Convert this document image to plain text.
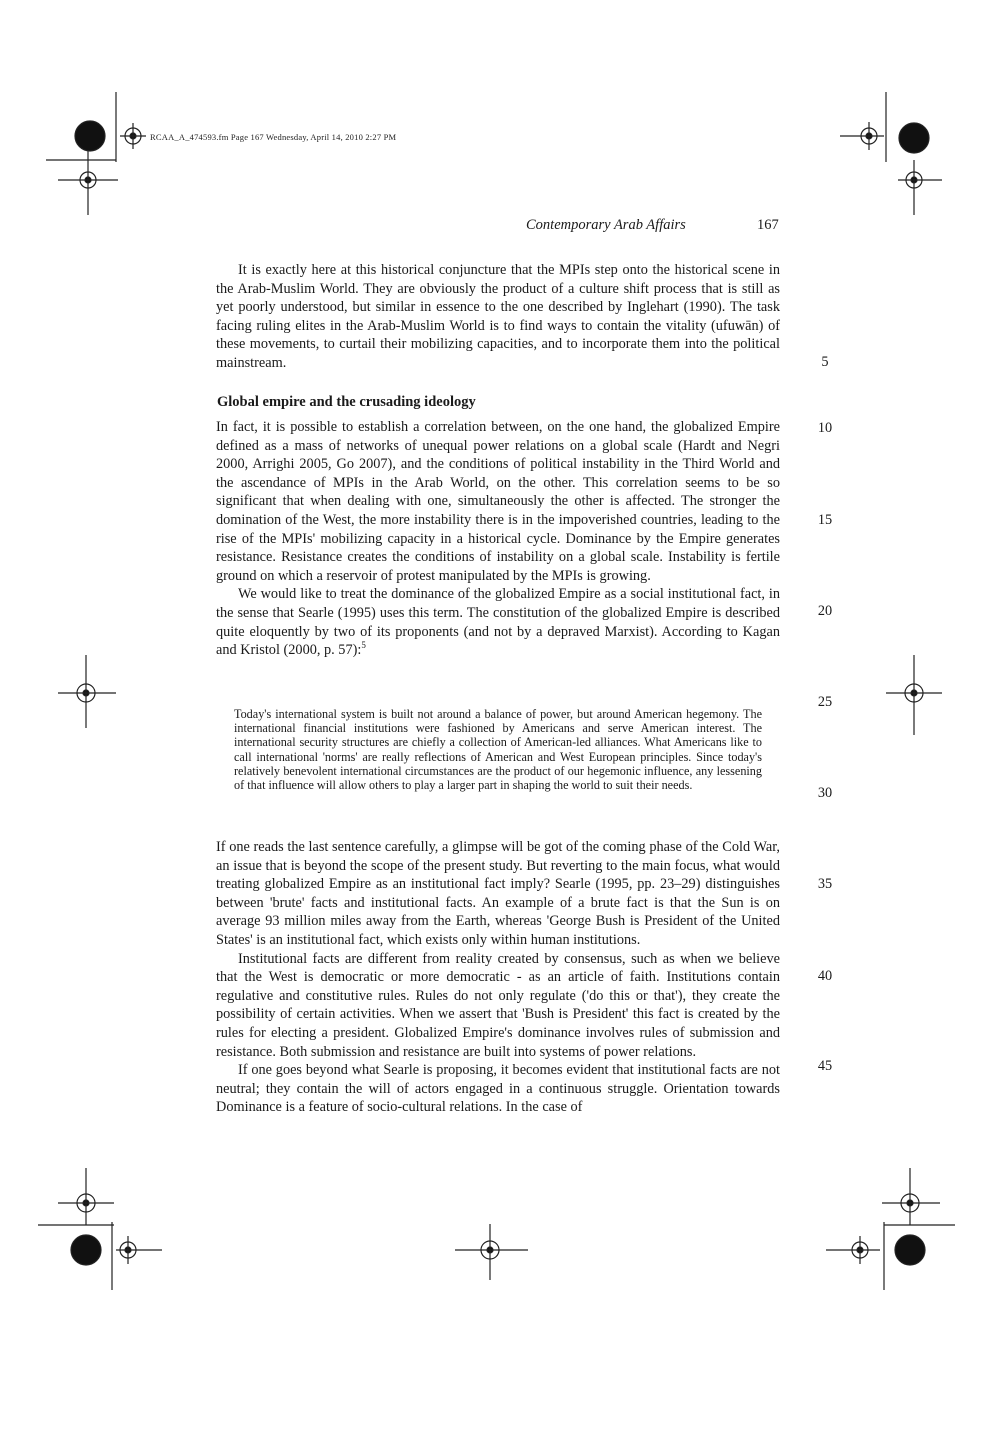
RCAA_A_474593.fm Page 167 Wednesday, April 14, 2010 2:27 PM
Contemporary Arab Affairs	167

It is exactly here at this historical conjuncture that the MPIs step onto the historical scene in the Arab-Muslim World. They are obviously the product of a culture shift process that is still as yet poorly understood, but similar in essence to the one described by Inglehart (1990). The task facing ruling elites in the Arab-Muslim World is to find ways to contain the vitality (ufuwān) of these movements, to curtail their mobilizing capacities, and to incorporate them into the political mainstream.

Global empire and the crusading ideology

In fact, it is possible to establish a correlation between, on the one hand, the globalized Empire defined as a mass of networks of unequal power relations on a global scale (Hardt and Negri 2000, Arrighi 2005, Go 2007), and the conditions of political instability in the Third World and the ascendance of MPIs in the Arab World, on the other. This correlation seems to be so significant that when dealing with one, simultaneously the other is affected. The stronger the domination of the West, the more instability there is in the impoverished countries, leading to the rise of the MPIs' mobilizing capacity in a historical cycle. Dominance by the Empire generates resistance. Resistance creates the conditions of instability on a global scale. Instability is fertile ground on which a reservoir of protest manipulated by the MPIs is growing.

We would like to treat the dominance of the globalized Empire as a social institutional fact, in the sense that Searle (1995) uses this term. The constitution of the globalized Empire is described quite eloquently by two of its proponents (and not by a depraved Marxist). According to Kagan and Kristol (2000, p. 57):$^5$

Today's international system is built not around a balance of power, but around American hegemony. The international financial institutions were fashioned by Americans and serve American interest. The international security structures are chiefly a collection of American-led alliances. What Americans like to call international 'norms' are really reflections of American and West European principles. Since today's relatively benevolent international circumstances are the product of our hegemonic influence, any lessening of that influence will allow others to play a larger part in shaping the world to suit their needs.

If one reads the last sentence carefully, a glimpse will be got of the coming phase of the Cold War, an issue that is beyond the scope of the present study. But reverting to the main focus, what would treating globalized Empire as an institutional fact imply? Searle (1995, pp. 23–29) distinguishes between 'brute' facts and institutional facts. An example of a brute fact is that the Sun is on average 93 million miles away from the Earth, whereas 'George Bush is President of the United States' is an institutional fact, which exists only within human institutions.

Institutional facts are different from reality created by consensus, such as when we believe that the West is democratic or more democratic - as an article of faith. Institutions contain regulative and constitutive rules. Rules do not only regulate ('do this or that'), they create the possibility of certain activities. When we assert that 'Bush is President' this fact is created by the rules for electing a president. Globalized Empire's dominance involves rules of submission and resistance. Both submission and resistance are built into systems of power relations.

If one goes beyond what Searle is proposing, it becomes evident that institutional facts are not neutral; they contain the will of actors engaged in a continuous struggle. Orientation towards Dominance is a feature of socio-cultural relations. In the case of

5
10
15
20
25
30
35
40
45
